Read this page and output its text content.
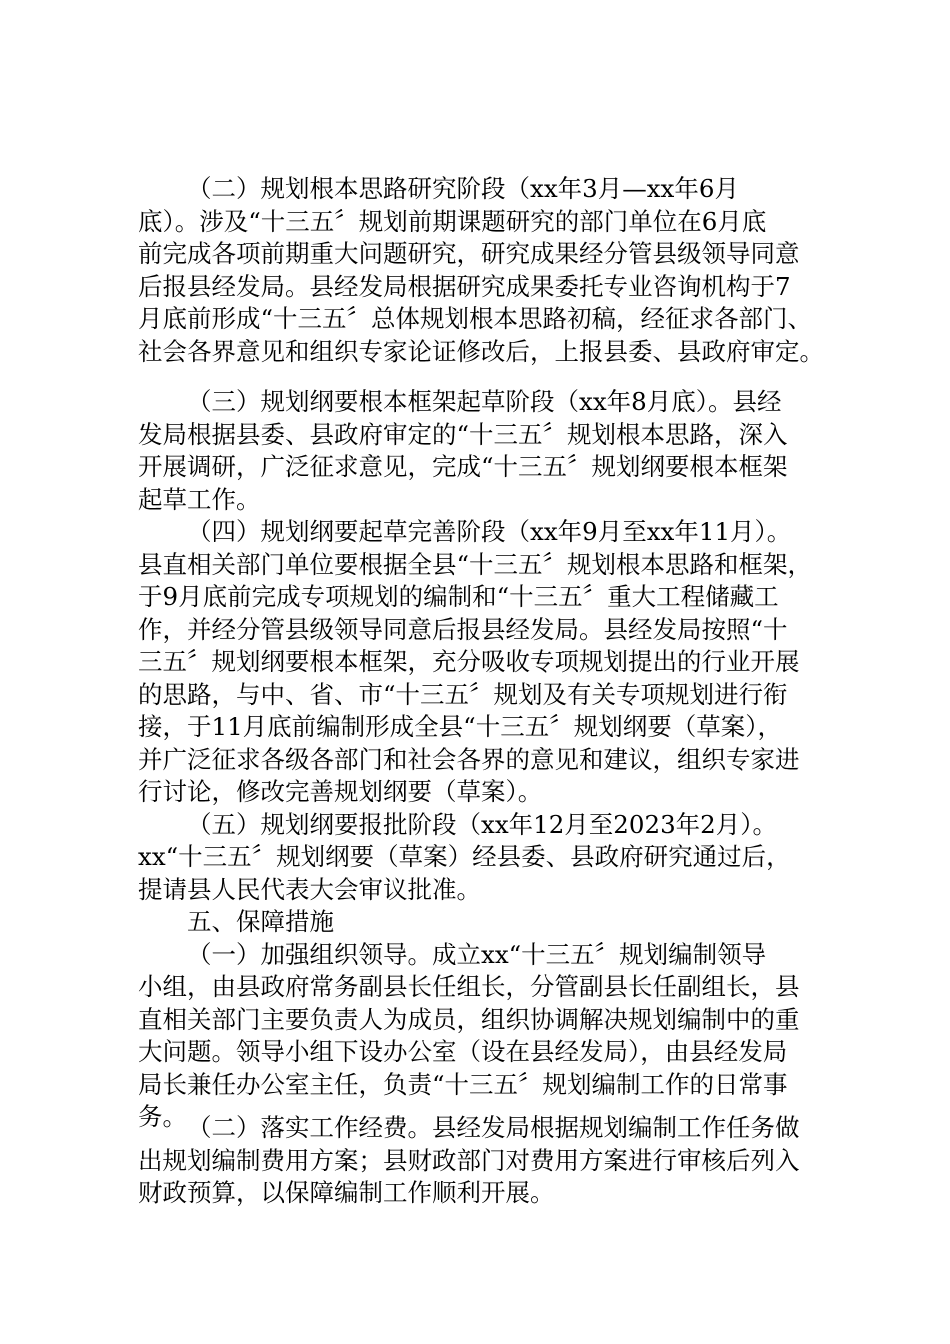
（二）规划根本思路研究阶段（xx年3月—xx年6月
底）。涉及“十三五〞规划前期课题研究的部门单位在6月底
前完成各项前期重大问题研究，研究成果经分管县级领导同意
后报县经发局。县经发局根据研究成果委托专业咨询机构于7
月底前形成“十三五〞总体规划根本思路初稿，经征求各部门、
社会各界意见和组织专家论证修改后，上报县委、县政府审定。
（三）规划纲要根本框架起草阶段（xx年8月底）。县经
发局根据县委、县政府审定的“十三五〞规划根本思路，深入
开展调研，广泛征求意见，完成“十三五〞规划纲要根本框架
起草工作。
（四）规划纲要起草完善阶段（xx年9月至xx年11月）。
县直相关部门单位要根据全县“十三五〞规划根本思路和框架，
于9月底前完成专项规划的编制和“十三五〞重大工程储藏工
作，并经分管县级领导同意后报县经发局。县经发局按照“十
三五〞规划纲要根本框架，充分吸收专项规划提出的行业开展
的思路，与中、省、市“十三五〞规划及有关专项规划进行衔
接，于11月底前编制形成全县“十三五〞规划纲要（草案），
并广泛征求各级各部门和社会各界的意见和建议，组织专家进
行讨论，修改完善规划纲要（草案）。
（五）规划纲要报批阶段（xx年12月至2023年2月）。
xx“十三五〞规划纲要（草案）经县委、县政府研究通过后，
提请县人民代表大会审议批准。
五、保障措施
（一）加强组织领导。成立xx“十三五〞规划编制领导
小组，由县政府常务副县长任组长，分管副县长任副组长，县
直相关部门主要负责人为成员，组织协调解决规划编制中的重
大问题。领导小组下设办公室（设在县经发局），由县经发局
局长兼任办公室主任，负责“十三五〞规划编制工作的日常事
务。 （二）落实工作经费。县经发局根据规划编制工作任务做
出规划编制费用方案；县财政部门对费用方案进行审核后列入
财政预算，以保障编制工作顺利开展。
